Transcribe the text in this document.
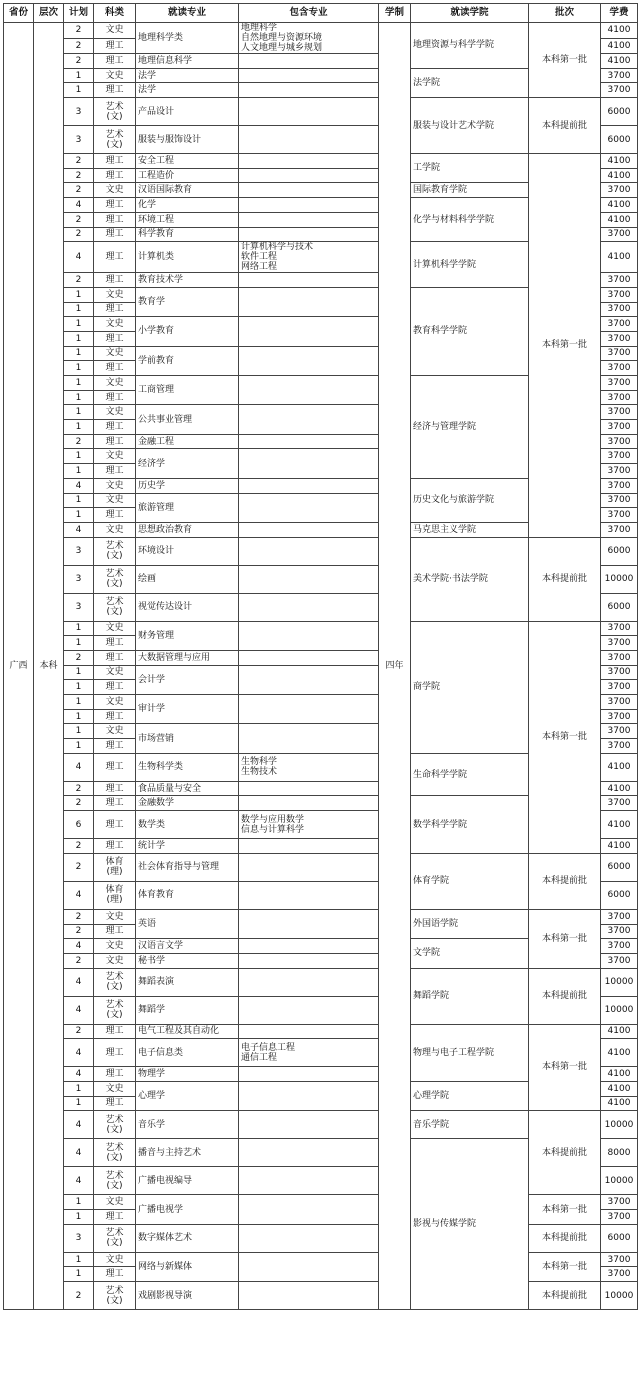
省份	层次	计划	科类	就读专业	包含专业	学制	就读学院	批次	学费
广西	本科	2	文史	地理科学类	地理科学
自然地理与资源环境
人文地理与城乡规划	四年	地理资源与科学学院	本科第一批	4100
		2	理工						4100
		2	理工	地理信息科学					4100
		1	文史	法学			法学院		3700
		1	理工	法学					3700
		3	艺术
(文)	产品设计			服装与设计艺术学院	本科提前批	6000
		3	艺术
(文)	服装与服饰设计					6000
		2	理工	安全工程			工学院	本科第一批	4100
		2	理工	工程造价					4100
		2	文史	汉语国际教育			国际教育学院		3700
		4	理工	化学			化学与材料科学学院		4100
		2	理工	环境工程					4100
		2	理工	科学教育					3700
		4	理工	计算机类	计算机科学与技术
软件工程
网络工程		计算机科学学院		4100
		2	理工	教育技术学					3700
		1	文史	教育学			教育科学学院		3700
		1	理工						3700
		1	文史	小学教育					3700
		1	理工						3700
		1	文史	学前教育					3700
		1	理工						3700
		1	文史	工商管理			经济与管理学院		3700
		1	理工						3700
		1	文史	公共事业管理					3700
		1	理工						3700
		2	理工	金融工程					3700
		1	文史	经济学					3700
		1	理工						3700
		4	文史	历史学			历史文化与旅游学院		3700
		1	文史	旅游管理					3700
		1	理工						3700
		4	文史	思想政治教育			马克思主义学院		3700
		3	艺术
(文)	环境设计			美术学院·书法学院	本科提前批	6000
		3	艺术
(文)	绘画					10000
		3	艺术
(文)	视觉传达设计					6000
		1	文史	财务管理			商学院	本科第一批	3700
		1	理工						3700
		2	理工	大数据管理与应用					3700
		1	文史	会计学					3700
		1	理工						3700
		1	文史	审计学					3700
		1	理工						3700
		1	文史	市场营销					3700
		1	理工						3700
		4	理工	生物科学类	生物科学
生物技术		生命科学学院		4100
		2	理工	食品质量与安全					4100
		2	理工	金融数学			数学科学学院		3700
		6	理工	数学类	数学与应用数学
信息与计算科学				4100
		2	理工	统计学					4100
		2	体育
(理)	社会体育指导与管理			体育学院	本科提前批	6000
		4	体育
(理)	体育教育					6000
		2	文史	英语			外国语学院	本科第一批	3700
		2	理工						3700
		4	文史	汉语言文学			文学院		3700
		2	文史	秘书学					3700
		4	艺术
(文)	舞蹈表演			舞蹈学院	本科提前批	10000
		4	艺术
(文)	舞蹈学					10000
		2	理工	电气工程及其自动化			物理与电子工程学院	本科第一批	4100
		4	理工	电子信息类	电子信息工程
通信工程				4100
		4	理工	物理学					4100
		1	文史	心理学			心理学院		4100
		1	理工						4100
		4	艺术
(文)	音乐学			音乐学院	本科提前批	10000
		4	艺术
(文)	播音与主持艺术			影视与传媒学院		8000
		4	艺术
(文)	广播电视编导					10000
		1	文史	广播电视学				本科第一批	3700
		1	理工						3700
		3	艺术
(文)	数字媒体艺术				本科提前批	6000
		1	文史	网络与新媒体				本科第一批	3700
		1	理工						3700
		2	艺术
(文)	戏剧影视导演				本科提前批	10000
